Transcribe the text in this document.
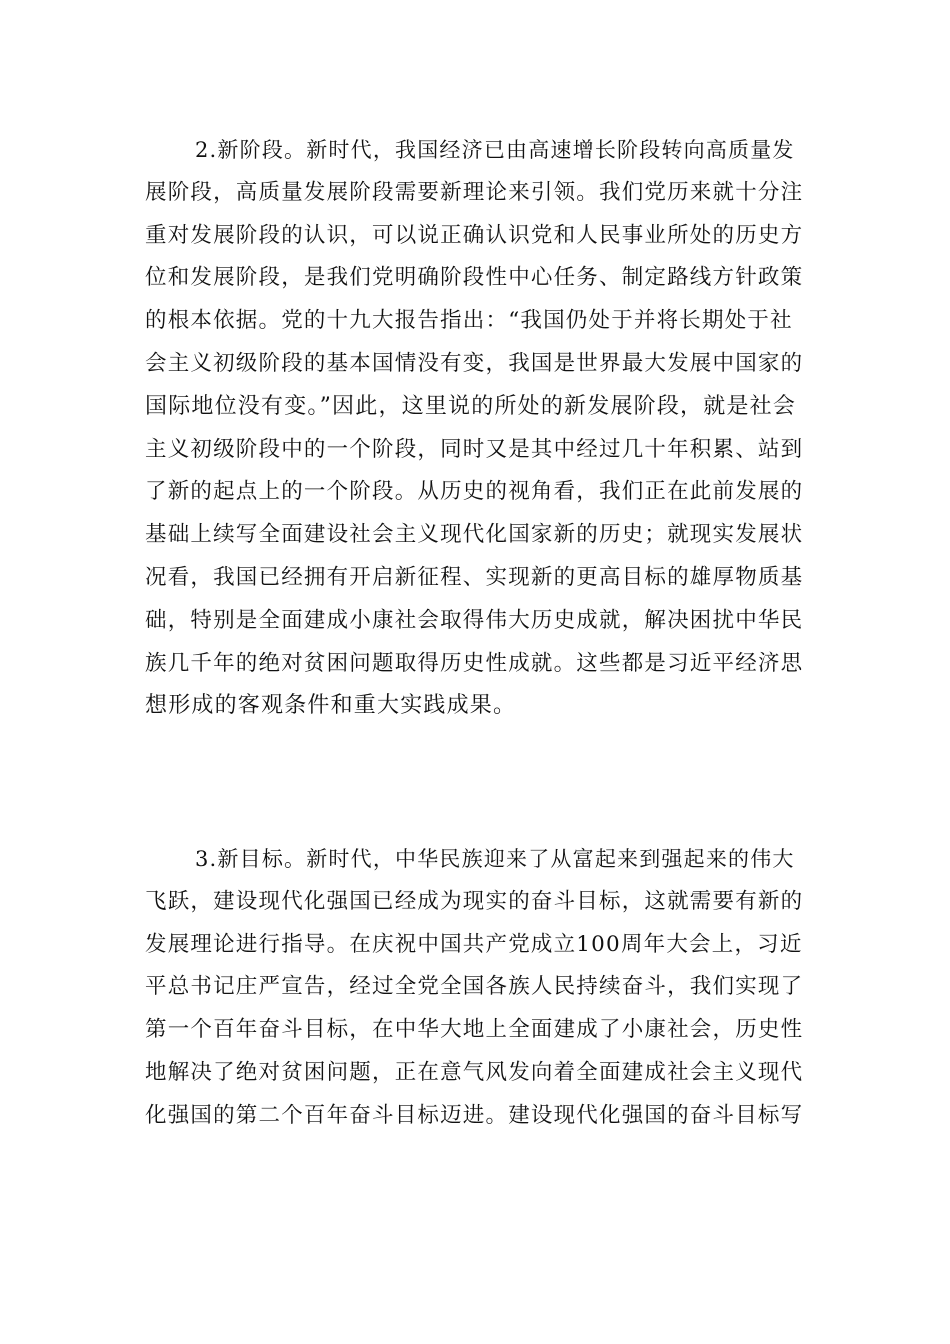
2.新阶段。新时代，我国经济已由高速增长阶段转向高质量发
展阶段，高质量发展阶段需要新理论来引领。我们党历来就十分注
重对发展阶段的认识，可以说正确认识党和人民事业所处的历史方
位和发展阶段，是我们党明确阶段性中心任务、制定路线方针政策
的根本依据。党的十九大报告指出：“我国仍处于并将长期处于社
会主义初级阶段的基本国情没有变，我国是世界最大发展中国家的
国际地位没有变。”因此，这里说的所处的新发展阶段，就是社会
主义初级阶段中的一个阶段，同时又是其中经过几十年积累、站到
了新的起点上的一个阶段。从历史的视角看，我们正在此前发展的
基础上续写全面建设社会主义现代化国家新的历史；就现实发展状
况看，我国已经拥有开启新征程、实现新的更高目标的雄厚物质基
础，特别是全面建成小康社会取得伟大历史成就，解决困扰中华民
族几千年的绝对贫困问题取得历史性成就。这些都是习近平经济思
想形成的客观条件和重大实践成果。
3.新目标。新时代，中华民族迎来了从富起来到强起来的伟大
飞跃，建设现代化强国已经成为现实的奋斗目标，这就需要有新的
发展理论进行指导。在庆祝中国共产党成立100周年大会上，习近
平总书记庄严宣告，经过全党全国各族人民持续奋斗，我们实现了
第一个百年奋斗目标，在中华大地上全面建成了小康社会，历史性
地解决了绝对贫困问题，正在意气风发向着全面建成社会主义现代
化强国的第二个百年奋斗目标迈进。建设现代化强国的奋斗目标写
